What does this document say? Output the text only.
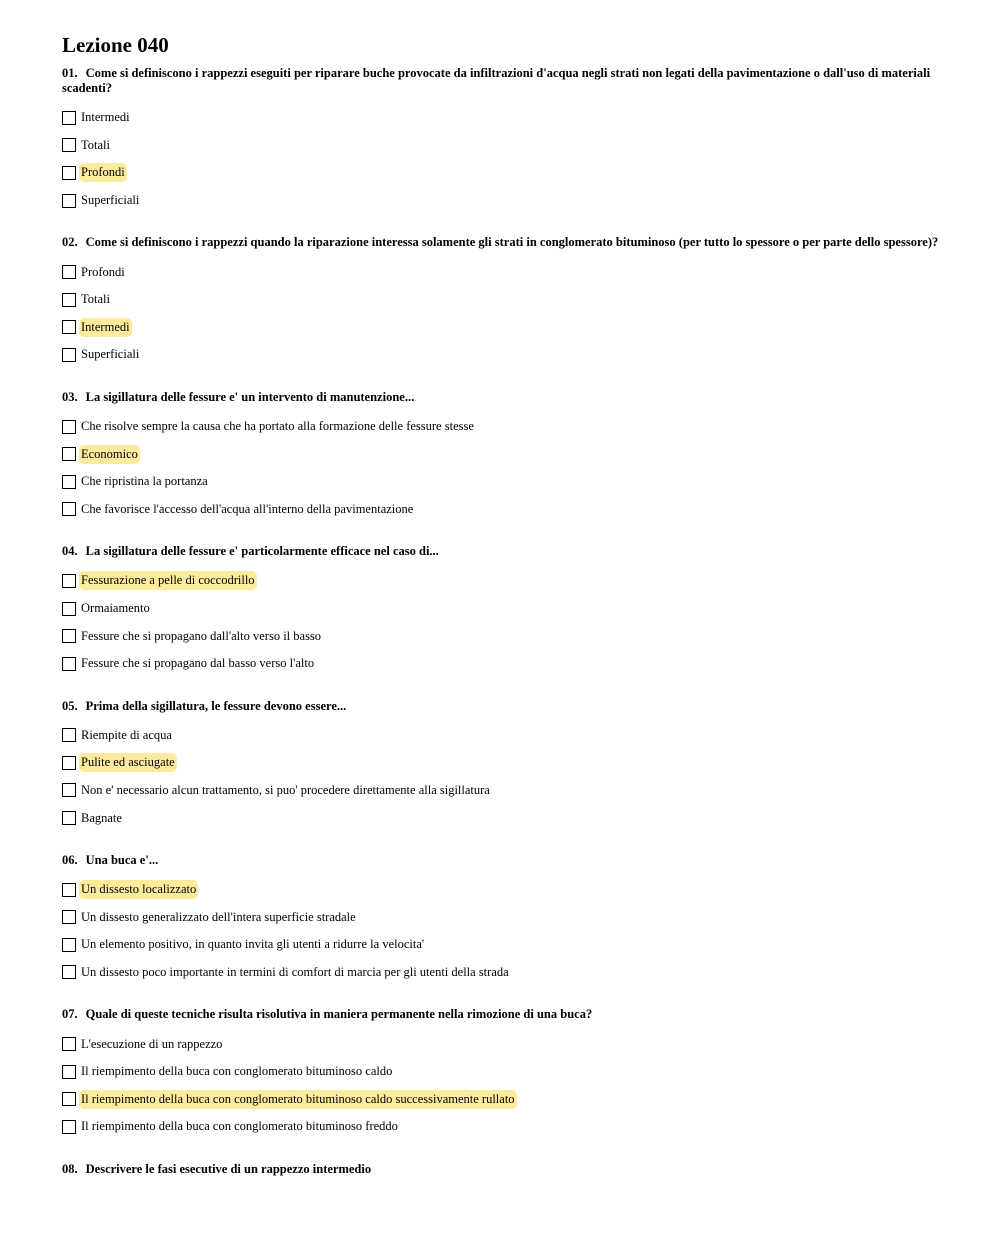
Lezione 040

01. Come si definiscono i rappezzi eseguiti per riparare buche provocate da infiltrazioni d'acqua negli strati non legati della pavimentazione o dall'uso di materiali scadenti?

Intermedi
Totali
Profondi
Superficiali

02. Come si definiscono i rappezzi quando la riparazione interessa solamente gli strati in conglomerato bituminoso (per tutto lo spessore o per parte dello spessore)?

Profondi
Totali
Intermedi
Superficiali

03. La sigillatura delle fessure e' un intervento di manutenzione...

Che risolve sempre la causa che ha portato alla formazione delle fessure stesse
Economico
Che ripristina la portanza
Che favorisce l'accesso dell'acqua all'interno della pavimentazione

04. La sigillatura delle fessure e' particolarmente efficace nel caso di...

Fessurazione a pelle di coccodrillo
Ormaiamento
Fessure che si propagano dall'alto verso il basso
Fessure che si propagano dal basso verso l'alto

05. Prima della sigillatura, le fessure devono essere...

Riempite di acqua
Pulite ed asciugate
Non e' necessario alcun trattamento, si puo' procedere direttamente alla sigillatura
Bagnate

06. Una buca e'...

Un dissesto localizzato
Un dissesto generalizzato dell'intera superficie stradale
Un elemento positivo, in quanto invita gli utenti a ridurre la velocita'
Un dissesto poco importante in termini di comfort di marcia per gli utenti della strada

07. Quale di queste tecniche risulta risolutiva in maniera permanente nella rimozione di una buca?

L'esecuzione di un rappezzo
Il riempimento della buca con conglomerato bituminoso caldo
Il riempimento della buca con conglomerato bituminoso caldo successivamente rullato
Il riempimento della buca con conglomerato bituminoso freddo

08. Descrivere le fasi esecutive di un rappezzo intermedio
